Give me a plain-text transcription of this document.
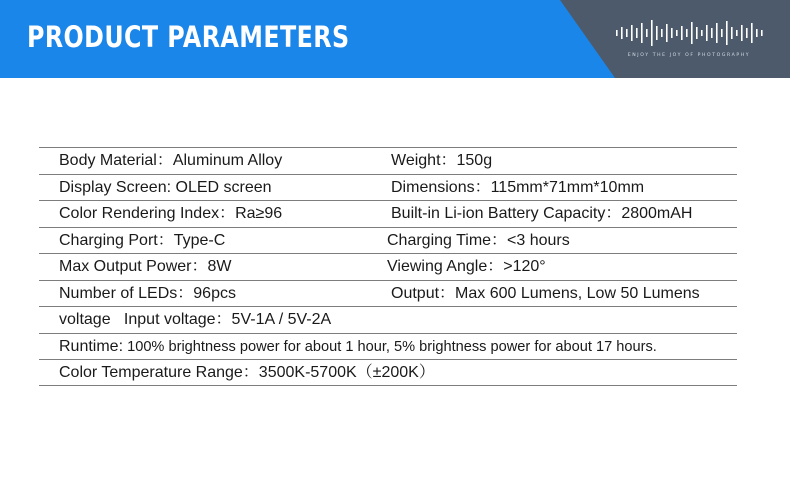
PRODUCT PARAMETERS
ENJOY THE JOY OF PHOTOGRAPHY
Body Material：Aluminum Alloy	Weight：150g
Display Screen: OLED screen	Dimensions：115mm*71mm*10mm
Color Rendering Index：Ra≥96	Built-in Li-ion Battery Capacity：2800mAH
Charging Port：Type-C	Charging Time：<3 hours
Max Output Power：8W	Viewing Angle：>120°
Number of LEDs：96pcs	Output：Max 600 Lumens, Low 50 Lumens
voltage   Input voltage：5V-1A / 5V-2A
Runtime: 100% brightness power for about 1 hour, 5% brightness power for about 17 hours.
Color Temperature Range：3500K-5700K（±200K）
